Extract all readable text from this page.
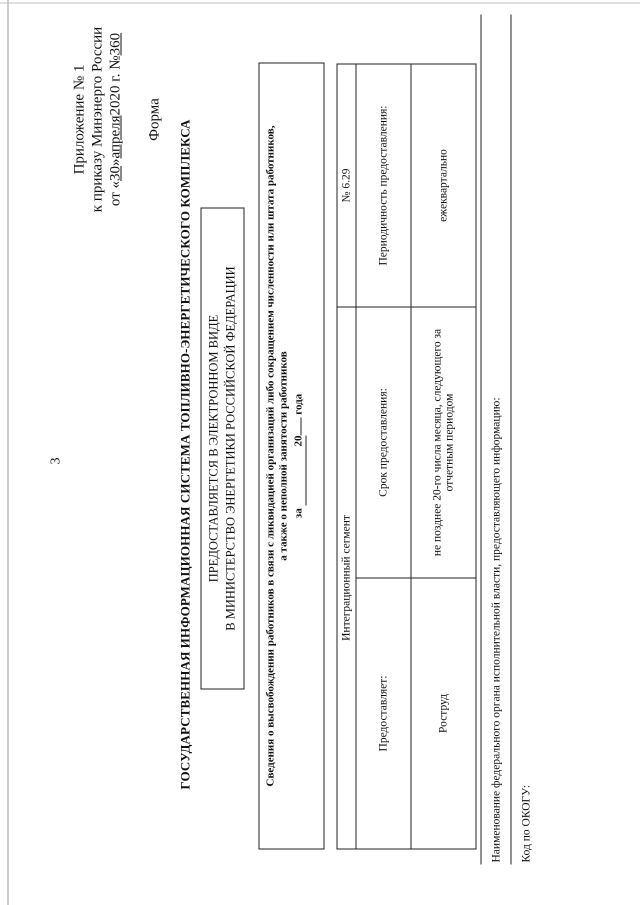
3
Приложение № 1 к приказу Минэнерго России от «30»апреля2020 г. №360
Форма ГОСУДАРСТВЕННАЯ ИНФОРМАЦИОННАЯ СИСТЕМА ТОПЛИВНО-ЭНЕРГЕТИЧЕСКОГО КОМПЛЕКСА ПРЕДОСТАВЛЯЕТСЯ В ЭЛЕКТРОННОМ ВИДЕ В МИНИСТЕРСТВО ЭНЕРГЕТИКИ РОССИЙСКОЙ ФЕДЕРАЦИИ Сведения о высвобождении работников в связи с ликвидацией организаций либо сокращением численности или штата работников, а также о неполной занятости работников за 20 года
Интеграционный сегмент		№ 6.29
Предоставляет:	Срок предоставления:	Периодичность предоставления:
Роструд	не позднее 20-го числа месяца, следующего за отчетным периодом	ежеквартально
Наименование федерального органа исполнительной власти, предоставляющего информацию: Код по ОКОГУ:
